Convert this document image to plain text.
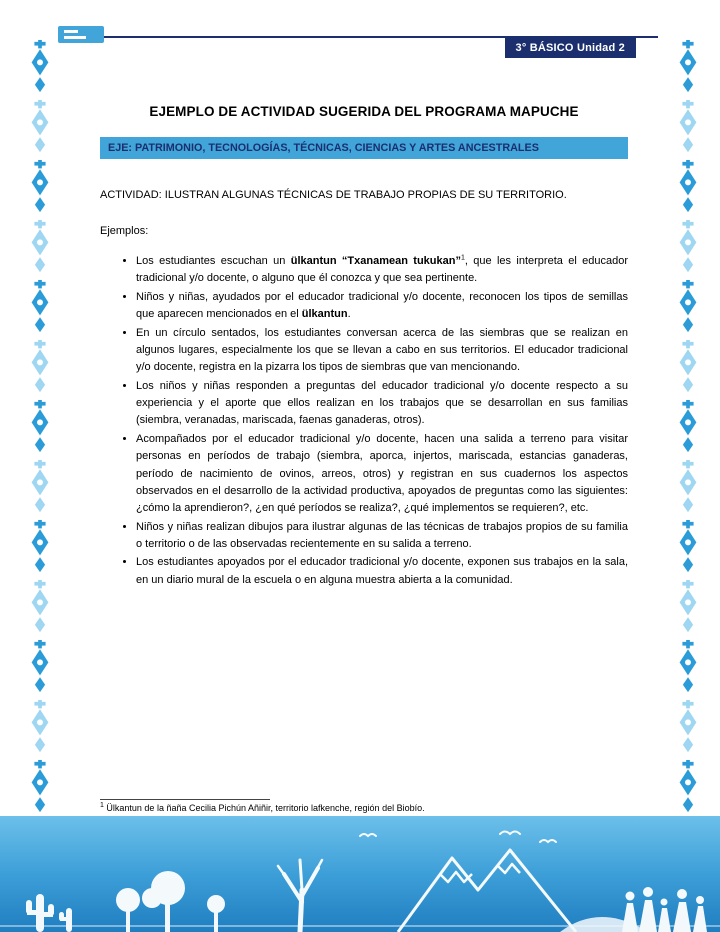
3° BÁSICO Unidad 2
EJEMPLO DE ACTIVIDAD SUGERIDA DEL PROGRAMA MAPUCHE
EJE: PATRIMONIO, TECNOLOGÍAS, TÉCNICAS, CIENCIAS Y ARTES ANCESTRALES

ACTIVIDAD: ILUSTRAN ALGUNAS TÉCNICAS DE TRABAJO PROPIAS DE SU TERRITORIO.

Ejemplos:

• Los estudiantes escuchan un ülkantun “Txanamean tukukan”$^1$, que les interpreta el educador tradicional y/o docente, o alguno que él conozca y que sea pertinente.
• Niños y niñas, ayudados por el educador tradicional y/o docente, reconocen los tipos de semillas que aparecen mencionados en el ülkantun.
• En un círculo sentados, los estudiantes conversan acerca de las siembras que se realizan en algunos lugares, especialmente los que se llevan a cabo en sus territorios. El educador tradicional y/o docente, registra en la pizarra los tipos de siembras que van mencionando.
• Los niños y niñas responden a preguntas del educador tradicional y/o docente respecto a su experiencia y el aporte que ellos realizan en los trabajos que se desarrollan en sus familias (siembra, veranadas, mariscada, faenas ganaderas, otros).
• Acompañados por el educador tradicional y/o docente, hacen una salida a terreno para visitar personas en períodos de trabajo (siembra, aporca, injertos, mariscada, estancias ganaderas, período de nacimiento de ovinos, arreos, otros) y registran en sus cuadernos los aspectos observados en el desarrollo de la actividad productiva, apoyados de preguntas como las siguientes: ¿cómo la aprendieron?, ¿en qué períodos se realiza?, ¿qué implementos se requieren?, etc.
• Niños y niñas realizan dibujos para ilustrar algunas de las técnicas de trabajos propios de su familia o territorio o de las observadas recientemente en su salida a terreno.
• Los estudiantes apoyados por el educador tradicional y/o docente, exponen sus trabajos en la sala, en un diario mural de la escuela o en alguna muestra abierta a la comunidad.

$^1$ Ülkantun de la ñaña Cecilia Pichún Añiñir, territorio lafkenche, región del Biobío.
